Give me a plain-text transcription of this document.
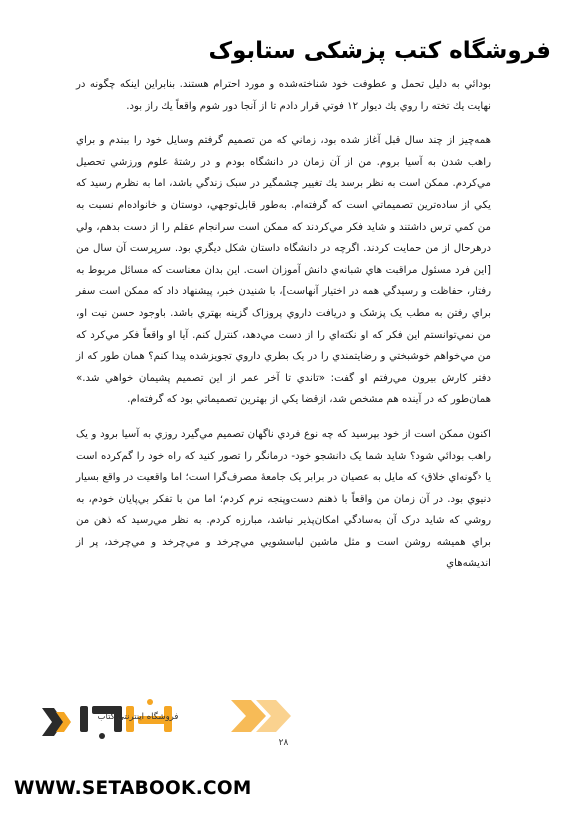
فروشگاه کتب پزشکی ستابوک

بودائي به دليل تحمل و عطوفت خود شناخته‌شده و مورد احترام هستند. بنابراين اينكه چگونه در نهايت يك تخته را روي يك ديوار ۱۲ فوتي قرار دادم تا از آنجا دور شوم واقعاً يك راز بود.

همه‌چيز از چند سال قبل آغاز شده بود، زماني كه من تصميم گرفتم وسايل خود را ببندم و براي راهب شدن به آسيا بروم. من از آن زمان در دانشگاه بودم و در رشتهٔ علوم ورزشي تحصيل مي‌كردم. ممكن است به نظر برسد يك تغيير چشمگير در سبک زندگي باشد، اما به نظرم رسيد كه يكي از ساده‌ترين تصميماتي است كه گرفته‌ام. به‌طور قابل‌توجهي، دوستان و خانواده‌ام نسبت به من كمي ترس داشتند و شايد فكر مي‌كردند كه ممكن است سرانجام عقلم را از دست بدهم، ولي درهرحال از من حمايت كردند. اگرچه در دانشگاه داستان شكل ديگري بود. سرپرست آن سال من [اين فرد مسئول مراقبت هاي شبانه‌ي دانش آموزان است. اين بدان معناست كه مسائل مربوط به رفتار، حفاظت و رسيدگي همه در اختيار آنهاست]، با شنيدن خبر، پيشنهاد داد كه ممكن است سفر براي رفتن به مطب يک پزشک و دريافت داروي پروزاک گزينه بهتري باشد. باوجود حسن نيت او، من نمي‌توانستم اين فكر كه او نكته‌اي را از دست مي‌دهد، كنترل كنم. آيا او واقعاً فكر مي‌كرد كه من مي‌خواهم خوشبختي و رضايتمندي را در يک بطري داروي تجويزشده پيدا كنم؟ همان طور كه از دفتر كارش بيرون مي‌رفتم او گفت: «تاندي تا آخر عمر از اين تصميم پشيمان خواهي شد.» همان‌طور كه در آينده هم مشخص شد، ازقضا يكي از بهترين تصميماتي بود كه گرفته‌ام.

اكنون ممكن است از خود بپرسيد كه چه نوع فردي ناگهان تصميم مي‌گيرد روزي به آسيا برود و يک راهب بودائي شود؟ شايد شما يک دانشجو خود- درمانگر را تصور كنيد كه راه خود را گم‌كرده است يا ‹گونه‌اي خلاق› كه مايل به عصيان در برابر يک جامعهٔ مصرف‌گرا است؛ اما واقعيت در واقع بسيار دنيوي بود. در آن زمان من واقعاً با ذهنم دست‌وپنجه نرم كردم؛ اما من با تفكر بي‌پايان خودم، به روشي كه شايد درک آن به‌سادگي امكان‌پذير نباشد، مبارزه كردم. به نظر مي‌رسيد كه ذهن من براي هميشه روشن است و مثل ماشين لباسشويي مي‌چرخد و مي‌چرخد و مي‌چرخد، پر از انديشه‌هاي

فروشگاه اینترنتی کتاب
۲۸
WWW.SETABOOK.COM
